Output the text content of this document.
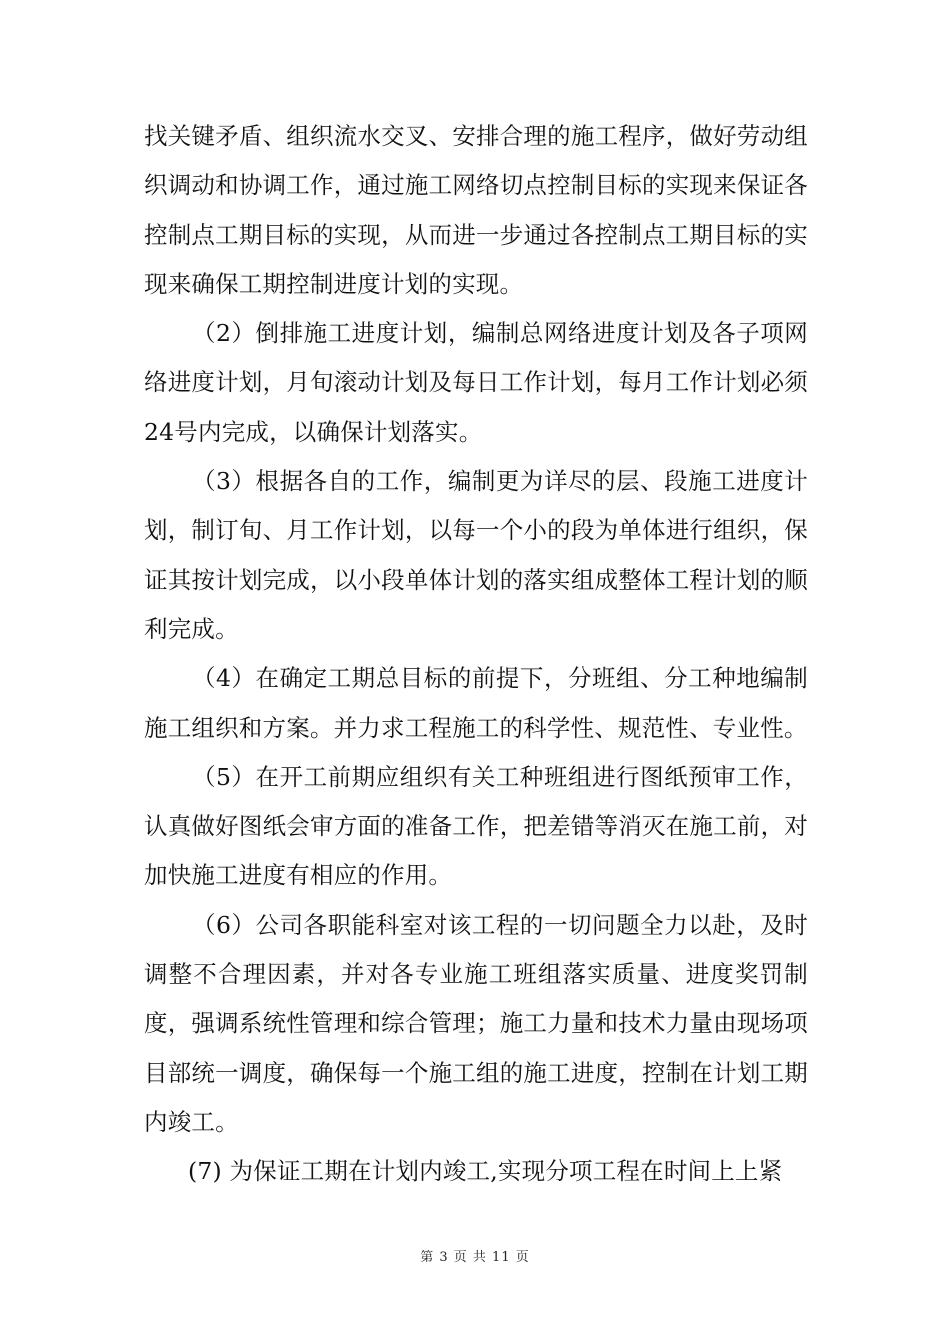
找关键矛盾、组织流水交叉、安排合理的施工程序，做好劳动组织调动和协调工作，通过施工网络切点控制目标的实现来保证各控制点工期目标的实现，从而进一步通过各控制点工期目标的实现来确保工期控制进度计划的实现。

（2）倒排施工进度计划，编制总网络进度计划及各子项网络进度计划，月旬滚动计划及每日工作计划，每月工作计划必须24号内完成，以确保计划落实。

（3）根据各自的工作，编制更为详尽的层、段施工进度计划，制订旬、月工作计划，以每一个小的段为单体进行组织，保证其按计划完成，以小段单体计划的落实组成整体工程计划的顺利完成。

（4）在确定工期总目标的前提下，分班组、分工种地编制施工组织和方案。并力求工程施工的科学性、规范性、专业性。

（5）在开工前期应组织有关工种班组进行图纸预审工作，认真做好图纸会审方面的准备工作，把差错等消灭在施工前，对加快施工进度有相应的作用。

（6）公司各职能科室对该工程的一切问题全力以赴，及时调整不合理因素，并对各专业施工班组落实质量、进度奖罚制度，强调系统性管理和综合管理；施工力量和技术力量由现场项目部统一调度，确保每一个施工组的施工进度，控制在计划工期内竣工。

(7) 为保证工期在计划内竣工,实现分项工程在时间上上紧

第 3 页 共 11 页
